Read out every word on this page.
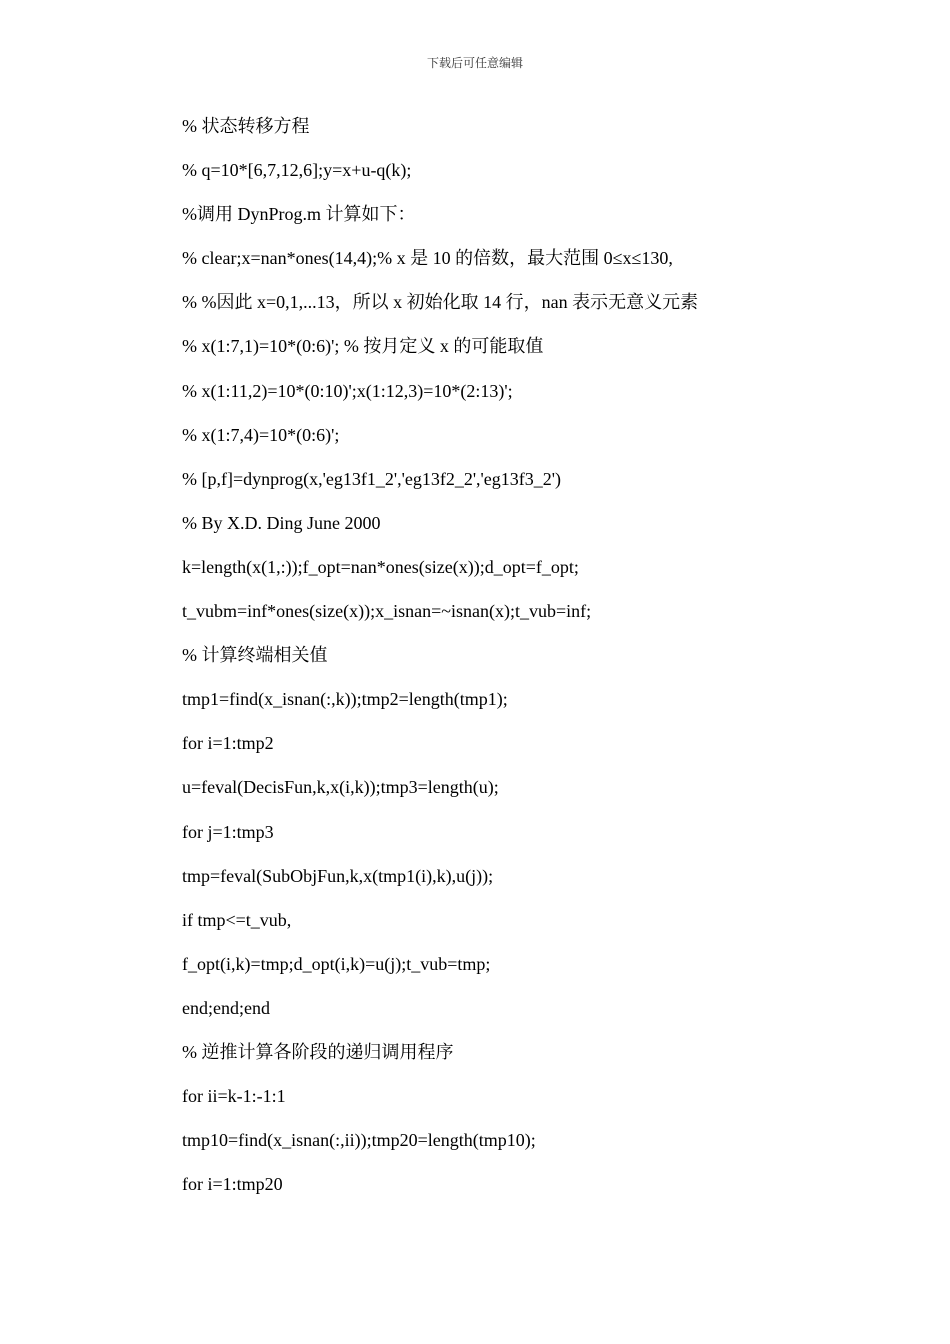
下载后可任意编辑
% 状态转移方程
% q=10*[6,7,12,6];y=x+u-q(k);
%调用 DynProg.m 计算如下：
% clear;x=nan*ones(14,4);% x 是 10 的倍数，最大范围 0≤x≤130,
% %因此 x=0,1,...13，所以 x 初始化取 14 行，nan 表示无意义元素
% x(1:7,1)=10*(0:6)'; % 按月定义 x 的可能取值
% x(1:11,2)=10*(0:10)';x(1:12,3)=10*(2:13)';
% x(1:7,4)=10*(0:6)';
% [p,f]=dynprog(x,'eg13f1_2','eg13f2_2','eg13f3_2')
% By X.D. Ding June 2000
k=length(x(1,:));f_opt=nan*ones(size(x));d_opt=f_opt;
t_vubm=inf*ones(size(x));x_isnan=~isnan(x);t_vub=inf;
% 计算终端相关值
tmp1=find(x_isnan(:,k));tmp2=length(tmp1);
for i=1:tmp2
u=feval(DecisFun,k,x(i,k));tmp3=length(u);
for j=1:tmp3
tmp=feval(SubObjFun,k,x(tmp1(i),k),u(j));
if tmp<=t_vub,
f_opt(i,k)=tmp;d_opt(i,k)=u(j);t_vub=tmp;
end;end;end
% 逆推计算各阶段的递归调用程序
for ii=k-1:-1:1
tmp10=find(x_isnan(:,ii));tmp20=length(tmp10);
for i=1:tmp20
